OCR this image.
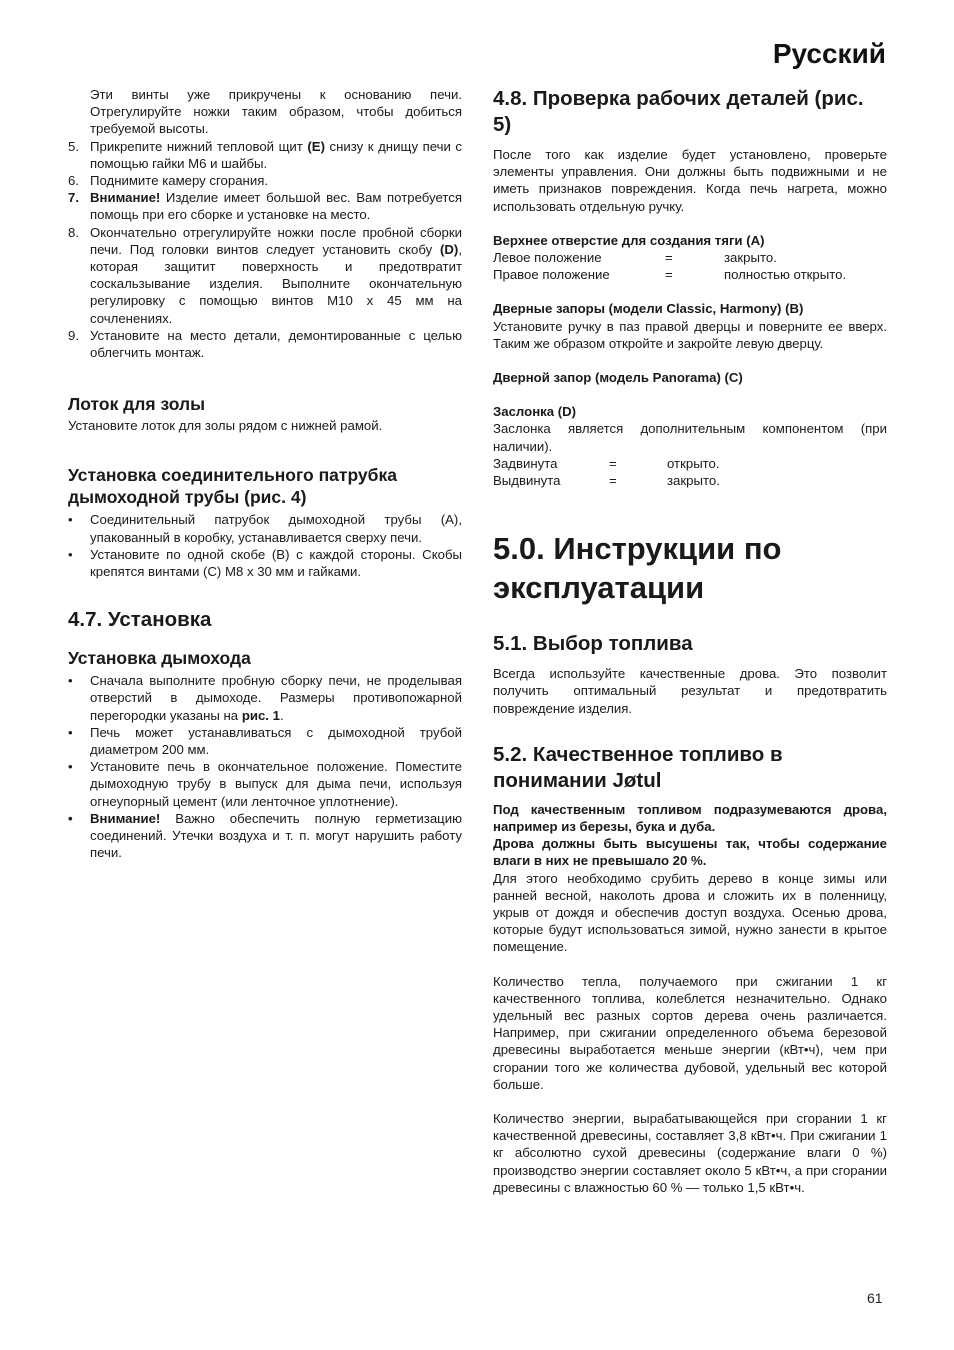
Русский

Эти винты уже прикручены к основанию печи. Отрегулируйте ножки таким образом, чтобы добиться требуемой высоты.

5. Прикрепите нижний тепловой щит (E) снизу к днищу печи с помощью гайки М6 и шайбы.
6. Поднимите камеру сгорания.
7. Внимание! Изделие имеет большой вес. Вам потребуется помощь при его сборке и установке на место.
8. Окончательно отрегулируйте ножки после пробной сборки печи. Под головки винтов следует установить скобу (D), которая защитит поверхность и предотвратит соскальзывание изделия. Выполните окончательную регулировку с помощью винтов M10 x 45 мм на сочленениях.
9. Установите на место детали, демонтированные с целью облегчить монтаж.

Лоток для золы

Установите лоток для золы рядом с нижней рамой.

Установка соединительного патрубка дымоходной трубы (рис. 4)

• Соединительный патрубок дымоходной трубы (A), упакованный в коробку, устанавливается сверху печи.
• Установите по одной скобе (B) с каждой стороны. Скобы крепятся винтами (C) M8 x 30 мм и гайками.

4.7. Установка

Установка дымохода

• Сначала выполните пробную сборку печи, не проделывая отверстий в дымоходе. Размеры противопожарной перегородки указаны на рис. 1.
• Печь может устанавливаться с дымоходной трубой диаметром 200 мм.
• Установите печь в окончательное положение. Поместите дымоходную трубу в выпуск для дыма печи, используя огнеупорный цемент (или ленточное уплотнение).
• Внимание! Важно обеспечить полную герметизацию соединений. Утечки воздуха и т. п. могут нарушить работу печи.

4.8. Проверка рабочих деталей (рис. 5)

После того как изделие будет установлено, проверьте элементы управления. Они должны быть подвижными и не иметь признаков повреждения. Когда печь нагрета, можно использовать отдельную ручку.

Верхнее отверстие для создания тяги (A)

Левое положение	=	закрыто.
Правое положение	=	полностью открыто.

Дверные запоры (модели Classic, Harmony) (B)

Установите ручку в паз правой дверцы и поверните ее вверх. Таким же образом откройте и закройте левую дверцу.

Дверной запор (модель Panorama) (C)

Заслонка (D)

Заслонка является дополнительным компонентом (при наличии).

Задвинута	=	открыто.
Выдвинута	=	закрыто.

5.0. Инструкции по эксплуатации

5.1. Выбор топлива

Всегда используйте качественные дрова. Это позволит получить оптимальный результат и предотвратить повреждение изделия.

5.2. Качественное топливо в понимании Jøtul

Под качественным топливом подразумеваются дрова, например из березы, бука и дуба.

Дрова должны быть высушены так, чтобы содержание влаги в них не превышало 20 %.

Для этого необходимо срубить дерево в конце зимы или ранней весной, наколоть дрова и сложить их в поленницу, укрыв от дождя и обеспечив доступ воздуха. Осенью дрова, которые будут использоваться зимой, нужно занести в крытое помещение.

Количество тепла, получаемого при сжигании 1 кг качественного топлива, колеблется незначительно. Однако удельный вес разных сортов дерева очень различается. Например, при сжигании определенного объема березовой древесины выработается меньше энергии (кВт•ч), чем при сгорании того же количества дубовой, удельный вес которой больше.

Количество энергии, вырабатывающейся при сгорании 1 кг качественной древесины, составляет 3,8 кВт•ч. При сжигании 1 кг абсолютно сухой древесины (содержание влаги 0 %) производство энергии составляет около 5 кВт•ч, а при сгорании древесины с влажностью 60 % — только 1,5 кВт•ч.

61
